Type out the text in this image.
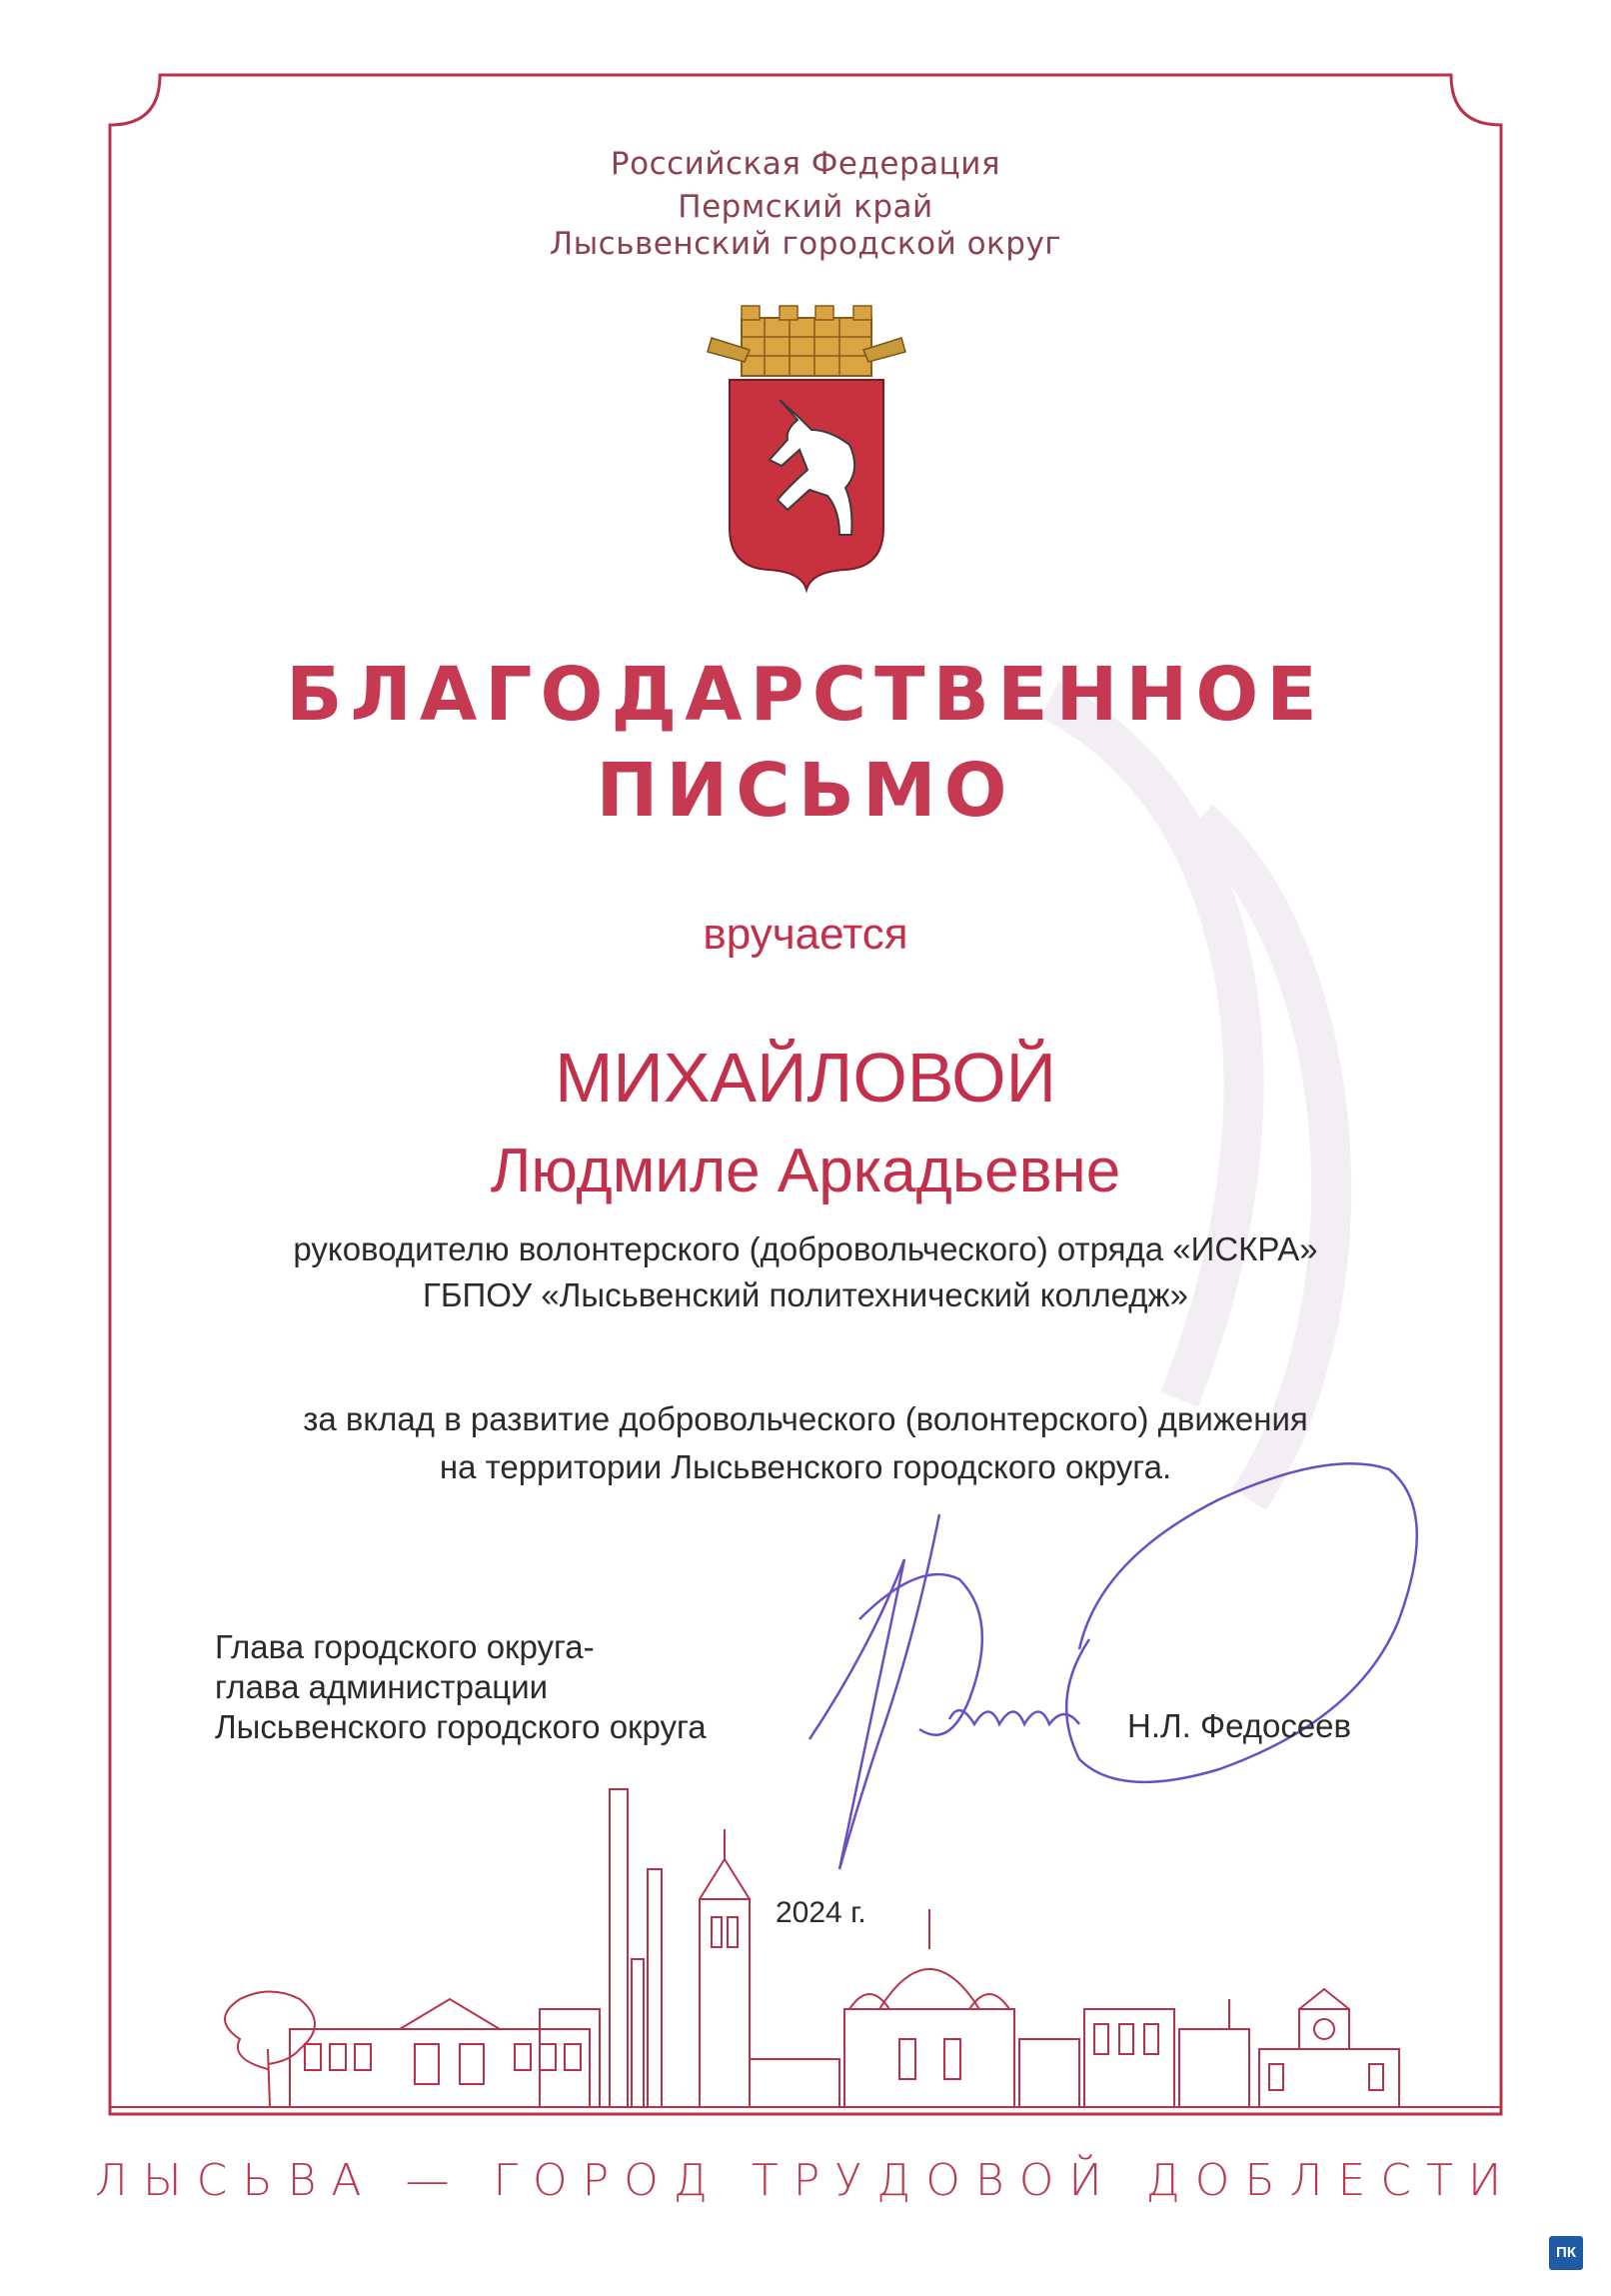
Российская Федерация
Пермский край
Лысьвенский городской округ
БЛАГОДАРСТВЕННОЕ
ПИСЬМО
вручается
МИХАЙЛОВОЙ
Людмиле Аркадьевне
руководителю волонтерского (добровольческого) отряда «ИСКРА»
ГБПОУ «Лысьвенский политехнический колледж»
за вклад в развитие добровольческого (волонтерского) движения
на территории Лысьвенского городского округа.
Глава городского округа-
глава администрации
Лысьвенского городского округа	Н.Л. Федосеев
2024 г.
ЛЫСЬВА — ГОРОД ТРУДОВОЙ ДОБЛЕСТИ
ПК
